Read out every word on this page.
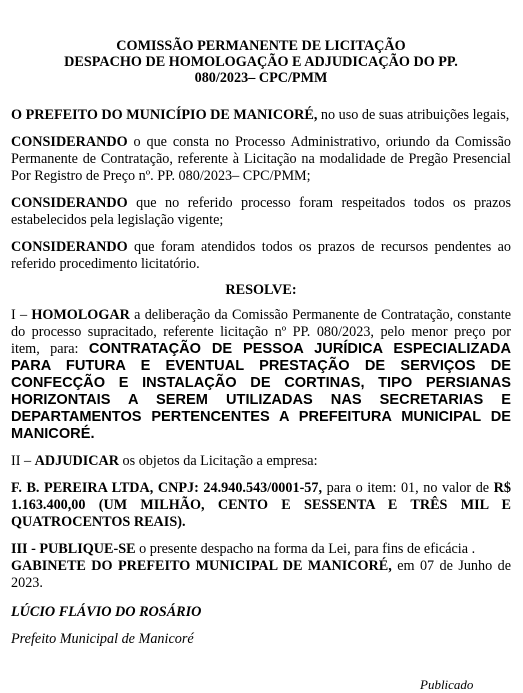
COMISSÃO PERMANENTE DE LICITAÇÃO
DESPACHO DE HOMOLOGAÇÃO E ADJUDICAÇÃO DO PP.
080/2023– CPC/PMM

O PREFEITO DO MUNICÍPIO DE MANICORÉ, no uso de suas atribuições legais,

CONSIDERANDO o que consta no Processo Administrativo, oriundo da Comissão Permanente de Contratação, referente à Licitação na modalidade de Pregão Presencial Por Registro de Preço nº. PP. 080/2023– CPC/PMM;

CONSIDERANDO que no referido processo foram respeitados todos os prazos estabelecidos pela legislação vigente;

CONSIDERANDO que foram atendidos todos os prazos de recursos pendentes ao referido procedimento licitatório.

RESOLVE:

I – HOMOLOGAR a deliberação da Comissão Permanente de Contratação, constante do processo supracitado, referente licitação nº PP. 080/2023, pelo menor preço por item, para: CONTRATAÇÃO DE PESSOA JURÍDICA ESPECIALIZADA PARA FUTURA E EVENTUAL PRESTAÇÃO DE SERVIÇOS DE CONFECÇÃO E INSTALAÇÃO DE CORTINAS, TIPO PERSIANAS HORIZONTAIS A SEREM UTILIZADAS NAS SECRETARIAS E DEPARTAMENTOS PERTENCENTES A PREFEITURA MUNICIPAL DE MANICORÉ.

II – ADJUDICAR os objetos da Licitação a empresa:

F. B. PEREIRA LTDA, CNPJ: 24.940.543/0001-57, para o item: 01, no valor de R$ 1.163.400,00 (UM MILHÃO, CENTO E SESSENTA E TRÊS MIL E QUATROCENTOS REAIS).

III - PUBLIQUE-SE o presente despacho na forma da Lei, para fins de eficácia .
GABINETE DO PREFEITO MUNICIPAL DE MANICORÉ, em 07 de Junho de 2023.

LÚCIO FLÁVIO DO ROSÁRIO
Prefeito Municipal de Manicoré
Publicado
